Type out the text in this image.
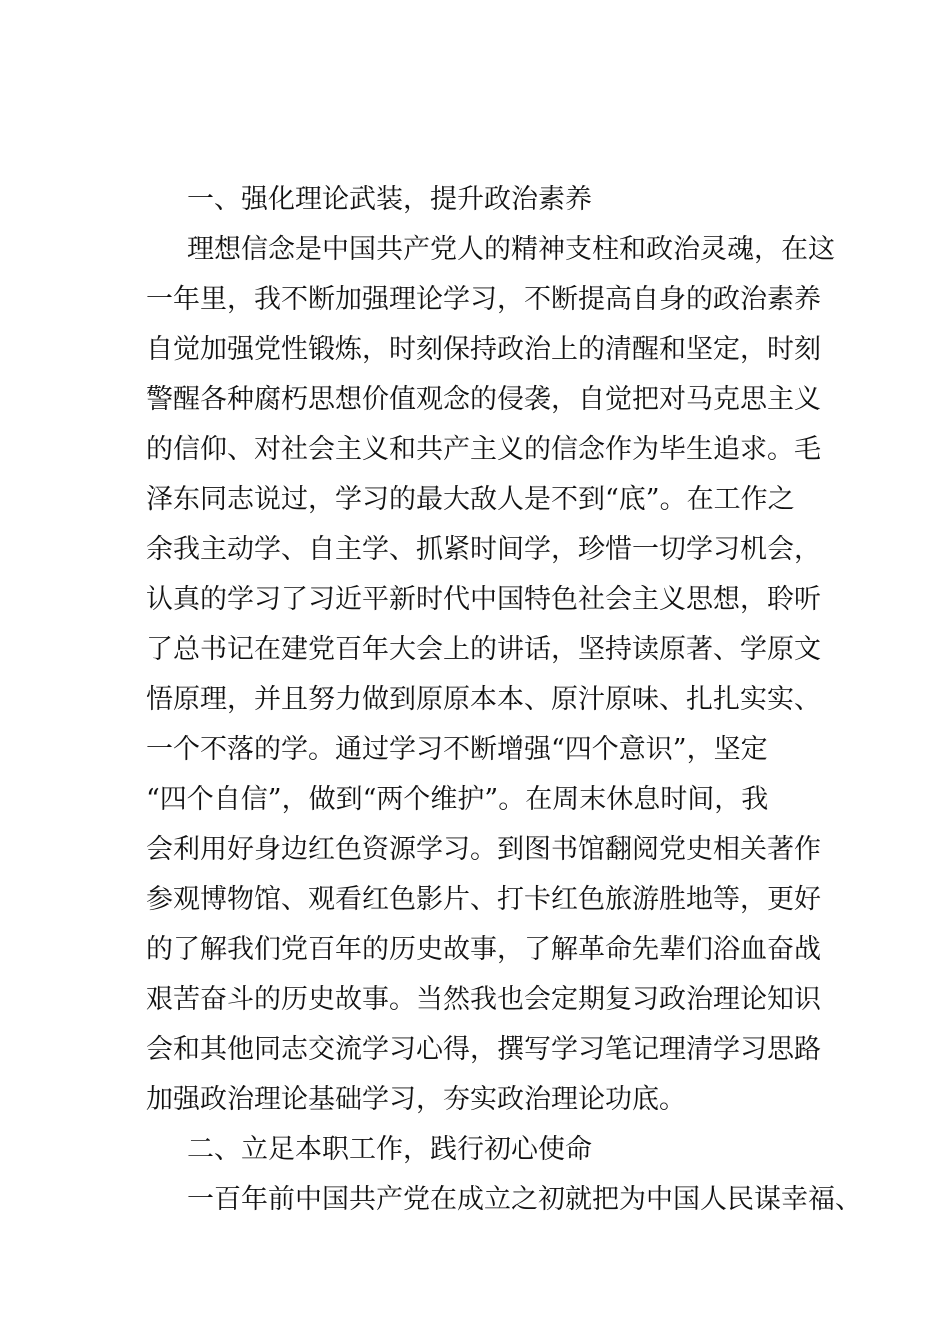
一、强化理论武装，提升政治素养
理想信念是中国共产党人的精神支柱和政治灵魂，在这
一年里，我不断加强理论学习，不断提高自身的政治素养
自觉加强党性锻炼，时刻保持政治上的清醒和坚定，时刻
警醒各种腐朽思想价值观念的侵袭，自觉把对马克思主义
的信仰、对社会主义和共产主义的信念作为毕生追求。毛
泽东同志说过，学习的最大敌人是不到“底”。在工作之
余我主动学、自主学、抓紧时间学，珍惜一切学习机会，
认真的学习了习近平新时代中国特色社会主义思想，聆听
了总书记在建党百年大会上的讲话，坚持读原著、学原文
悟原理，并且努力做到原原本本、原汁原味、扎扎实实、
一个不落的学。通过学习不断增强“四个意识”，坚定
“四个自信”，做到“两个维护”。在周末休息时间，我
会利用好身边红色资源学习。到图书馆翻阅党史相关著作
参观博物馆、观看红色影片、打卡红色旅游胜地等，更好
的了解我们党百年的历史故事，了解革命先辈们浴血奋战
艰苦奋斗的历史故事。当然我也会定期复习政治理论知识
会和其他同志交流学习心得，撰写学习笔记理清学习思路
加强政治理论基础学习，夯实政治理论功底。
二、立足本职工作，践行初心使命
一百年前中国共产党在成立之初就把为中国人民谋幸福、
